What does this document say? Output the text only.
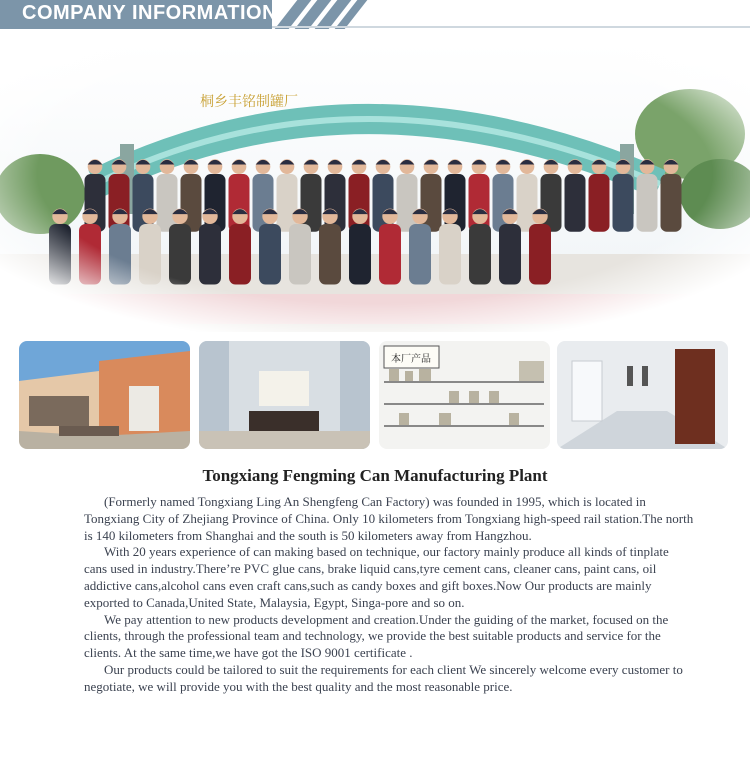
COMPANY INFORMATION
本厂产品
Tongxiang Fengming Can Manufacturing Plant

(Formerly named Tongxiang Ling An Shengfeng Can Factory) was founded in 1995, which is located in Tongxiang City of Zhejiang Province of China. Only 10 kilometers from Tongxiang high-speed rail station.The north is 140 kilometers from Shanghai and the south is 50 kilometers away from Hangzhou.

With 20 years experience of can making based on technique, our factory mainly produce all kinds of tinplate cans used in industry.There’re PVC glue cans, brake liquid cans,tyre cement cans, cleaner cans, paint cans, oil addictive cans,alcohol cans even craft cans,such as candy boxes and gift boxes.Now Our products are mainly exported to Canada,United State, Malaysia, Egypt, Singa-pore and so on.

We pay attention to new products development and creation.Under the guiding of the market, focused on the clients, through the professional team and technology, we provide the best suitable products and service for the clients. At the same time,we have got the ISO 9001 certificate .

Our products could be tailored to suit the requirements for each client We sincerely welcome every customer to negotiate, we will provide you with the best quality and the most reasonable price.
